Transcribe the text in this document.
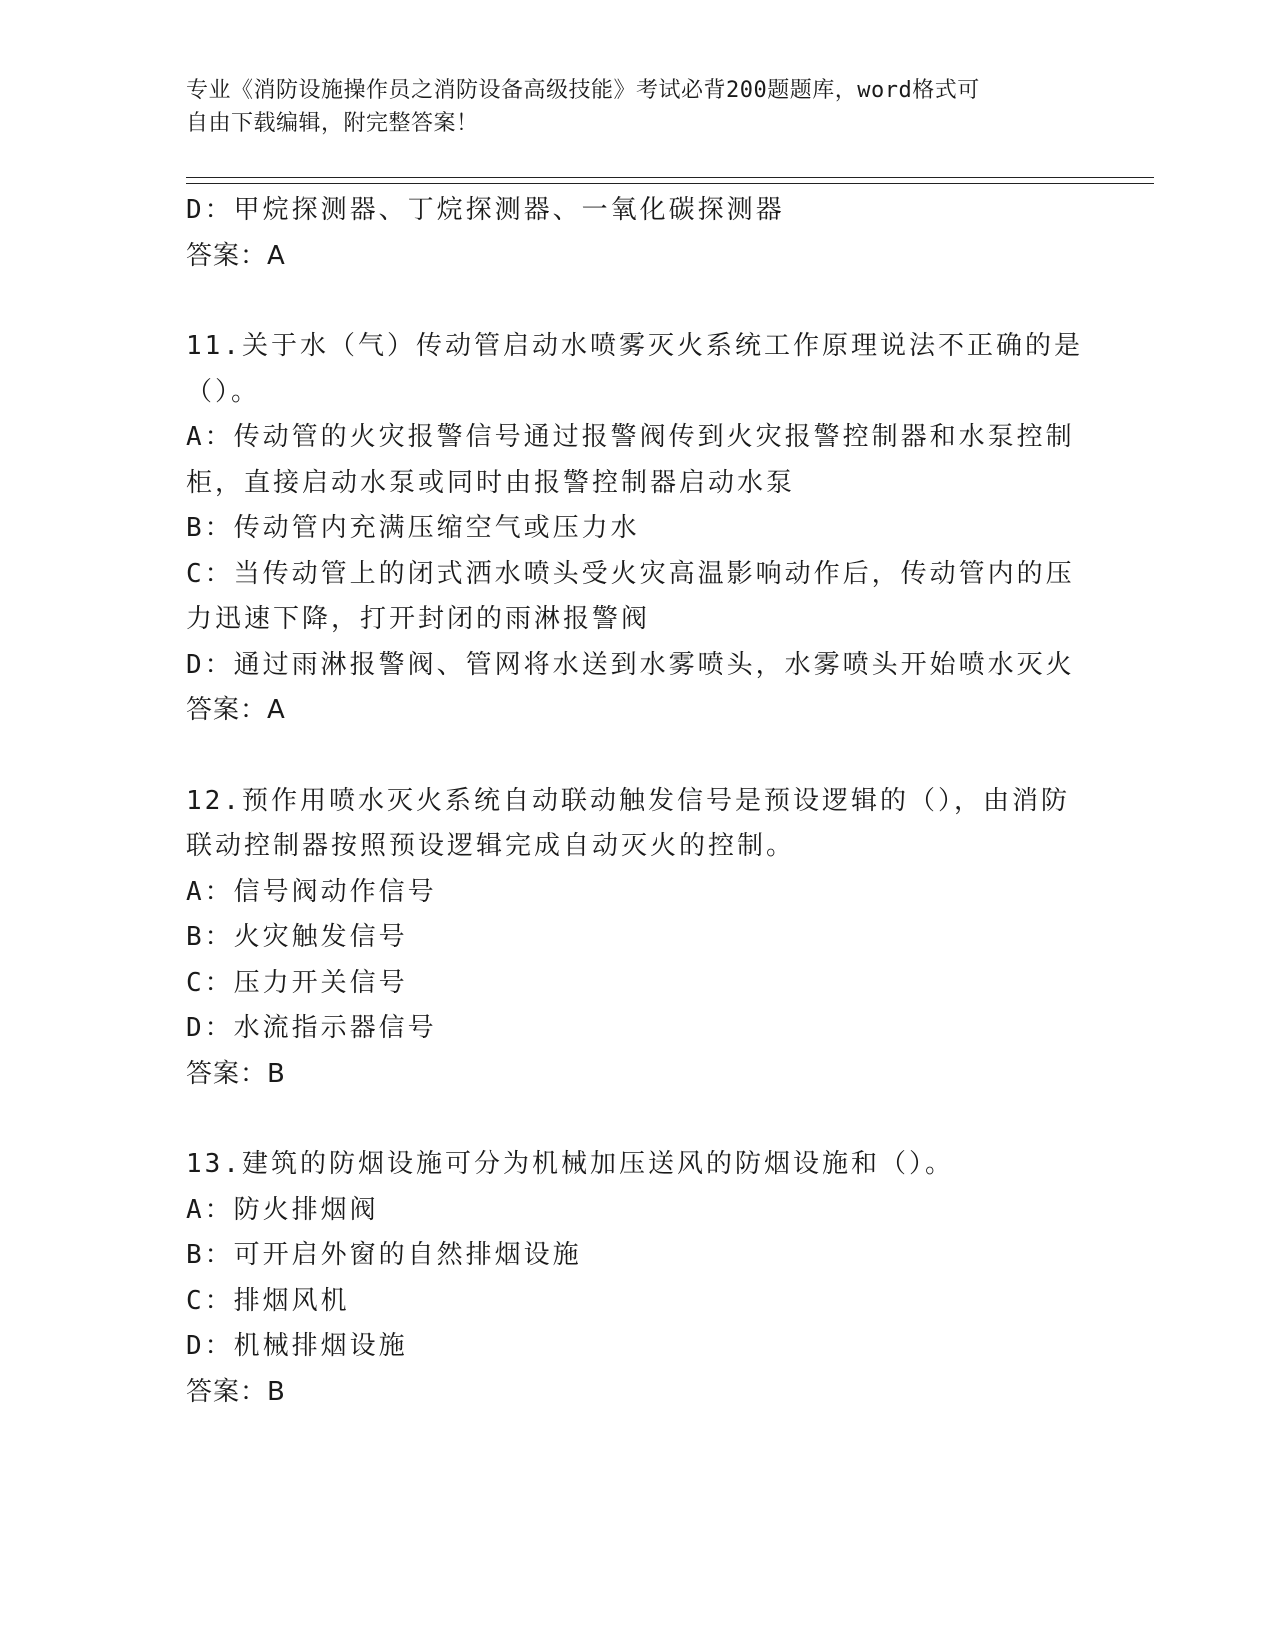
专业《消防设施操作员之消防设备高级技能》考试必背200题题库，word格式可
自由下载编辑，附完整答案！
D：甲烷探测器、丁烷探测器、一氧化碳探测器
答案：A
11.关于水（气）传动管启动水喷雾灭火系统工作原理说法不正确的是
（）。
A：传动管的火灾报警信号通过报警阀传到火灾报警控制器和水泵控制
柜，直接启动水泵或同时由报警控制器启动水泵
B：传动管内充满压缩空气或压力水
C：当传动管上的闭式洒水喷头受火灾高温影响动作后，传动管内的压
力迅速下降，打开封闭的雨淋报警阀
D：通过雨淋报警阀、管网将水送到水雾喷头，水雾喷头开始喷水灭火
答案：A
12.预作用喷水灭火系统自动联动触发信号是预设逻辑的（），由消防
联动控制器按照预设逻辑完成自动灭火的控制。
A：信号阀动作信号
B：火灾触发信号
C：压力开关信号
D：水流指示器信号
答案：B
13.建筑的防烟设施可分为机械加压送风的防烟设施和（）。
A：防火排烟阀
B：可开启外窗的自然排烟设施
C：排烟风机
D：机械排烟设施
答案：B
